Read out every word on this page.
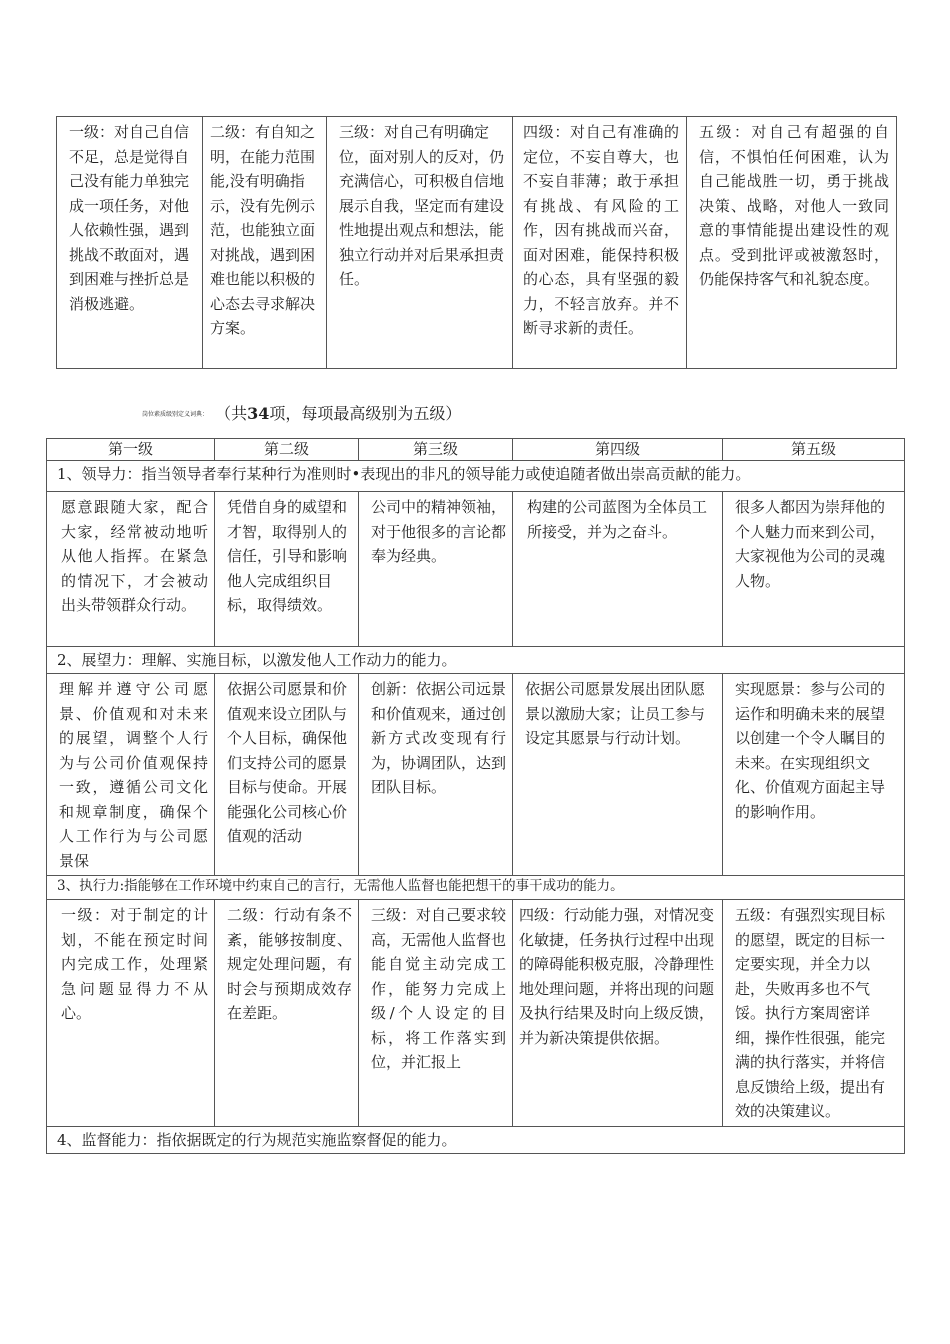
一级：对自己自信不足，总是觉得自己没有能力单独完成一项任务，对他人依赖性强，遇到挑战不敢面对，遇到困难与挫折总是消极逃避。	二级：有自知之明，在能力范围能,没有明确指示，没有先例示范，也能独立面对挑战，遇到困难也能以积极的心态去寻求解决方案。	三级：对自己有明确定位，面对别人的反对，仍充满信心，可积极自信地展示自我，坚定而有建设性地提出观点和想法，能独立行动并对后果承担责任。	四级：对自己有准确的定位，不妄自尊大，也不妄自菲薄；敢于承担有挑战、有风险的工作，因有挑战而兴奋，面对困难，能保持积极的心态，具有坚强的毅力，不轻言放弃。并不断寻求新的责任。	五级：对自己有超强的自信，不惧怕任何困难，认为自己能战胜一切，勇于挑战决策、战略，对他人一致同意的事情能提出建设性的观点。受到批评或被激怒时，仍能保持客气和礼貌态度。
岗位素质级别定义词典： （共34项，每项最高级别为五级）
第一级	第二级	第三级	第四级	第五级
1、领导力：指当领导者奉行某种行为准则时•表现出的非凡的领导能力或使追随者做出崇高贡献的能力。				
愿意跟随大家，配合大家，经常被动地听从他人指挥。在紧急的情况下，才会被动出头带领群众行动。	凭借自身的威望和才智，取得别人的信任，引导和影响他人完成组织目标，取得绩效。	公司中的精神领袖，对于他很多的言论都奉为经典。	构建的公司蓝图为全体员工所接受，并为之奋斗。	很多人都因为崇拜他的个人魅力而来到公司，大家视他为公司的灵魂人物。
2、展望力：理解、实施目标，以激发他人工作动力的能力。				
理解并遵守公司愿景、价值观和对未来的展望，调整个人行为与公司价值观保持一致，遵循公司文化和规章制度，确保个人工作行为与公司愿景保	依据公司愿景和价值观来设立团队与个人目标，确保他们支持公司的愿景目标与使命。开展能强化公司核心价值观的活动	创新：依据公司远景和价值观来，通过创新方式改变现有行为，协调团队，达到团队目标。	依据公司愿景发展出团队愿景以激励大家；让员工参与设定其愿景与行动计划。	实现愿景：参与公司的运作和明确未来的展望以创建一个令人瞩目的未来。在实现组织文化、价值观方面起主导的影响作用。
3、执行力:指能够在工作环境中约束自己的言行，无需他人监督也能把想干的事干成功的能力。				
一级：对于制定的计划，不能在预定时间内完成工作，处理紧急问题显得力不从心。	二级：行动有条不紊，能够按制度、规定处理问题，有时会与预期成效存在差距。	三级：对自己要求较高，无需他人监督也能自觉主动完成工作，能努力完成上级/个人设定的目标，将工作落实到位，并汇报上	四级：行动能力强，对情况变化敏捷，任务执行过程中出现的障碍能积极克服，冷静理性地处理问题，并将出现的问题及执行结果及时向上级反馈，并为新决策提供依据。	五级：有强烈实现目标的愿望，既定的目标一定要实现，并全力以赴，失败再多也不气馁。执行方案周密详细，操作性很强，能完满的执行落实，并将信息反馈给上级，提出有效的决策建议。
4、监督能力：指依据既定的行为规范实施监察督促的能力。				
